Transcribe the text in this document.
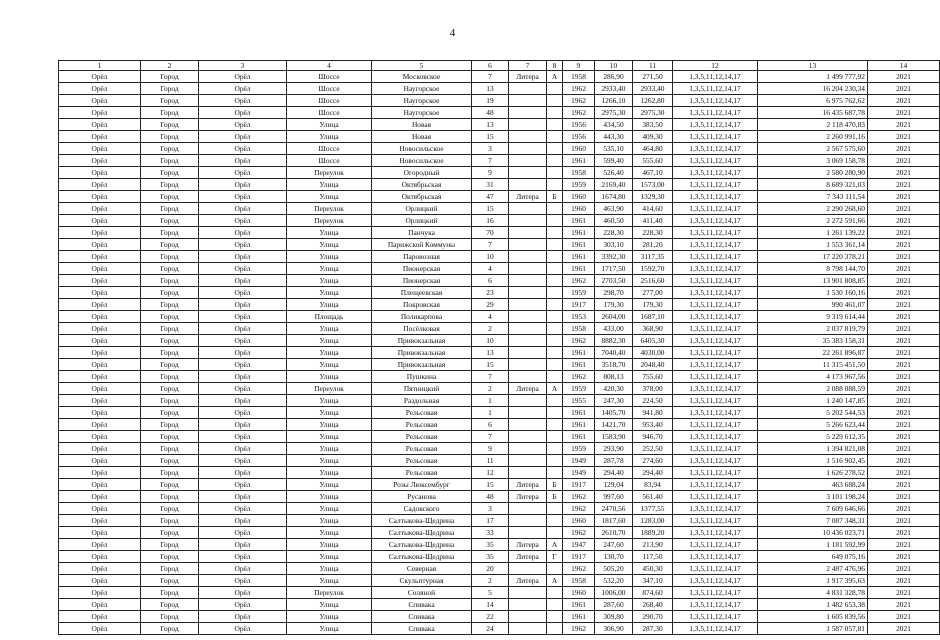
4
1	2	3	4	5	6	7	8	9	10	11	12	13	14
Орёл	Город	Орёл	Шоссе	Московское	7	Литера	А	1958	286,90	271,50	1,3,5,11,12,14,17	1 499 777,92	2021
Орёл	Город	Орёл	Шоссе	Наугорское	13			1962	2933,40	2933,40	1,3,5,11,12,14,17	16 204 230,34	2021
Орёл	Город	Орёл	Шоссе	Наугорское	19			1962	1266,10	1262,80	1,3,5,11,12,14,17	6 975 762,62	2021
Орёл	Город	Орёл	Шоссе	Наугорское	48			1962	2975,30	2975,30	1,3,5,11,12,14,17	16 435 687,78	2021
Орёл	Город	Орёл	Улица	Новая	13			1956	434,50	383,50	1,3,5,11,12,14,17	2 118 470,83	2021
Орёл	Город	Орёл	Улица	Новая	15			1956	443,30	409,30	1,3,5,11,12,14,17	2 260 991,16	2021
Орёл	Город	Орёл	Шоссе	Новосильское	3			1960	535,10	464,80	1,3,5,11,12,14,17	2 567 575,60	2021
Орёл	Город	Орёл	Шоссе	Новосильское	7			1961	599,40	555,60	1,3,5,11,12,14,17	3 069 158,78	2021
Орёл	Город	Орёл	Переулок	Огородный	9			1958	526,40	467,10	1,3,5,11,12,14,17	2 580 280,90	2021
Орёл	Город	Орёл	Улица	Октябрьская	31			1959	2169,40	1573,00	1,3,5,11,12,14,17	8 689 321,03	2021
Орёл	Город	Орёл	Улица	Октябрьская	47	Литера	Б	1960	1674,80	1329,30	1,3,5,11,12,14,17	7 343 111,54	2021
Орёл	Город	Орёл	Переулок	Орлицкий	15			1960	463,90	414,60	1,3,5,11,12,14,17	2 290 268,60	2021
Орёл	Город	Орёл	Переулок	Орлицкий	16			1961	460,50	411,40	1,3,5,11,12,14,17	2 272 591,66	2021
Орёл	Город	Орёл	Улица	Панчука	70			1961	228,30	228,30	1,3,5,11,12,14,17	1 261 139,22	2021
Орёл	Город	Орёл	Улица	Парижской Коммуны	7			1961	303,10	281,20	1,3,5,11,12,14,17	1 553 361,14	2021
Орёл	Город	Орёл	Улица	Паровозная	10			1961	3392,30	3117,35	1,3,5,11,12,14,17	17 220 378,21	2021
Орёл	Город	Орёл	Улица	Пионерская	4			1961	1717,50	1592,70	1,3,5,11,12,14,17	8 798 144,70	2021
Орёл	Город	Орёл	Улица	Пионерская	6			1962	2703,50	2516,60	1,3,5,11,12,14,17	13 901 808,85	2021
Орёл	Город	Орёл	Улица	Плещеевская	23			1959	298,70	277,00	1,3,5,11,12,14,17	1 530 160,16	2021
Орёл	Город	Орёл	Улица	Покровская	29			1917	179,30	179,30	1,3,5,11,12,14,17	990 461,07	2021
Орёл	Город	Орёл	Площадь	Поликарпова	4			1953	2604,00	1687,10	1,3,5,11,12,14,17	9 319 614,44	2021
Орёл	Город	Орёл	Улица	Посёлковая	2			1958	433,00	368,90	1,3,5,11,12,14,17	2 037 819,79	2021
Орёл	Город	Орёл	Улица	Привокзальная	10			1962	8882,30	6405,30	1,3,5,11,12,14,17	35 383 158,31	2021
Орёл	Город	Орёл	Улица	Привокзальная	13			1961	7040,40	4030,00	1,3,5,11,12,14,17	22 261 896,87	2021
Орёл	Город	Орёл	Улица	Привокзальная	15			1961	3518,70	2048,40	1,3,5,11,12,14,17	11 315 451,50	2021
Орёл	Город	Орёл	Улица	Пушкина	7			1962	808,13	755,60	1,3,5,11,12,14,17	4 173 967,56	2021
Орёл	Город	Орёл	Переулок	Пятницкий	2	Литера	А	1959	420,30	378,00	1,3,5,11,12,14,17	2 088 088,59	2021
Орёл	Город	Орёл	Улица	Раздольная	1			1955	247,30	224,50	1,3,5,11,12,14,17	1 240 147,85	2021
Орёл	Город	Орёл	Улица	Рельсовая	1			1961	1405,70	941,80	1,3,5,11,12,14,17	5 202 544,53	2021
Орёл	Город	Орёл	Улица	Рельсовая	6			1961	1421,70	953,40	1,3,5,11,12,14,17	5 266 623,44	2021
Орёл	Город	Орёл	Улица	Рельсовая	7			1961	1583,90	946,70	1,3,5,11,12,14,17	5 229 612,35	2021
Орёл	Город	Орёл	Улица	Рельсовая	9			1959	293,90	252,50	1,3,5,11,12,14,17	1 394 821,08	2021
Орёл	Город	Орёл	Улица	Рельсовая	11			1949	287,78	274,60	1,3,5,11,12,14,17	1 516 902,45	2021
Орёл	Город	Орёл	Улица	Рельсовая	12			1949	294,40	294,40	1,3,5,11,12,14,17	1 626 278,52	2021
Орёл	Город	Орёл	Улица	Розы Люксембург	15	Литера	Б	1917	129,04	83,94	1,3,5,11,12,14,17	463 688,24	2021
Орёл	Город	Орёл	Улица	Русанова	48	Литера	Б	1962	997,60	561,40	1,3,5,11,12,14,17	3 101 198,24	2021
Орёл	Город	Орёл	Улица	Садовского	3			1962	2470,56	1377,55	1,3,5,11,12,14,17	7 609 646,66	2021
Орёл	Город	Орёл	Улица	Салтыкова-Щедрина	17			1960	1817,60	1283,00	1,3,5,11,12,14,17	7 087 348,31	2021
Орёл	Город	Орёл	Улица	Салтыкова-Щедрина	33			1962	2610,70	1889,20	1,3,5,11,12,14,17	10 436 023,71	2021
Орёл	Город	Орёл	Улица	Салтыкова-Щедрина	35	Литера	А	1947	247,60	213,90	1,3,5,11,12,14,17	1 181 592,99	2021
Орёл	Город	Орёл	Улица	Салтыкова-Щедрина	35	Литера	Г	1917	130,70	117,50	1,3,5,11,12,14,17	649 075,16	2021
Орёл	Город	Орёл	Улица	Северная	20			1962	505,20	450,30	1,3,5,11,12,14,17	2 487 476,96	2021
Орёл	Город	Орёл	Улица	Скульптурная	2	Литера	А	1958	532,20	347,10	1,3,5,11,12,14,17	1 917 395,63	2021
Орёл	Город	Орёл	Переулок	Соляной	5			1960	1006,00	874,60	1,3,5,11,12,14,17	4 831 328,78	2021
Орёл	Город	Орёл	Улица	Спивака	14			1961	287,60	268,40	1,3,5,11,12,14,17	1 482 653,38	2021
Орёл	Город	Орёл	Улица	Спивака	22			1961	309,80	290,70	1,3,5,11,12,14,17	1 605 839,56	2021
Орёл	Город	Орёл	Улица	Спивака	24			1962	306,90	287,30	1,3,5,11,12,14,17	1 587 057,81	2021
